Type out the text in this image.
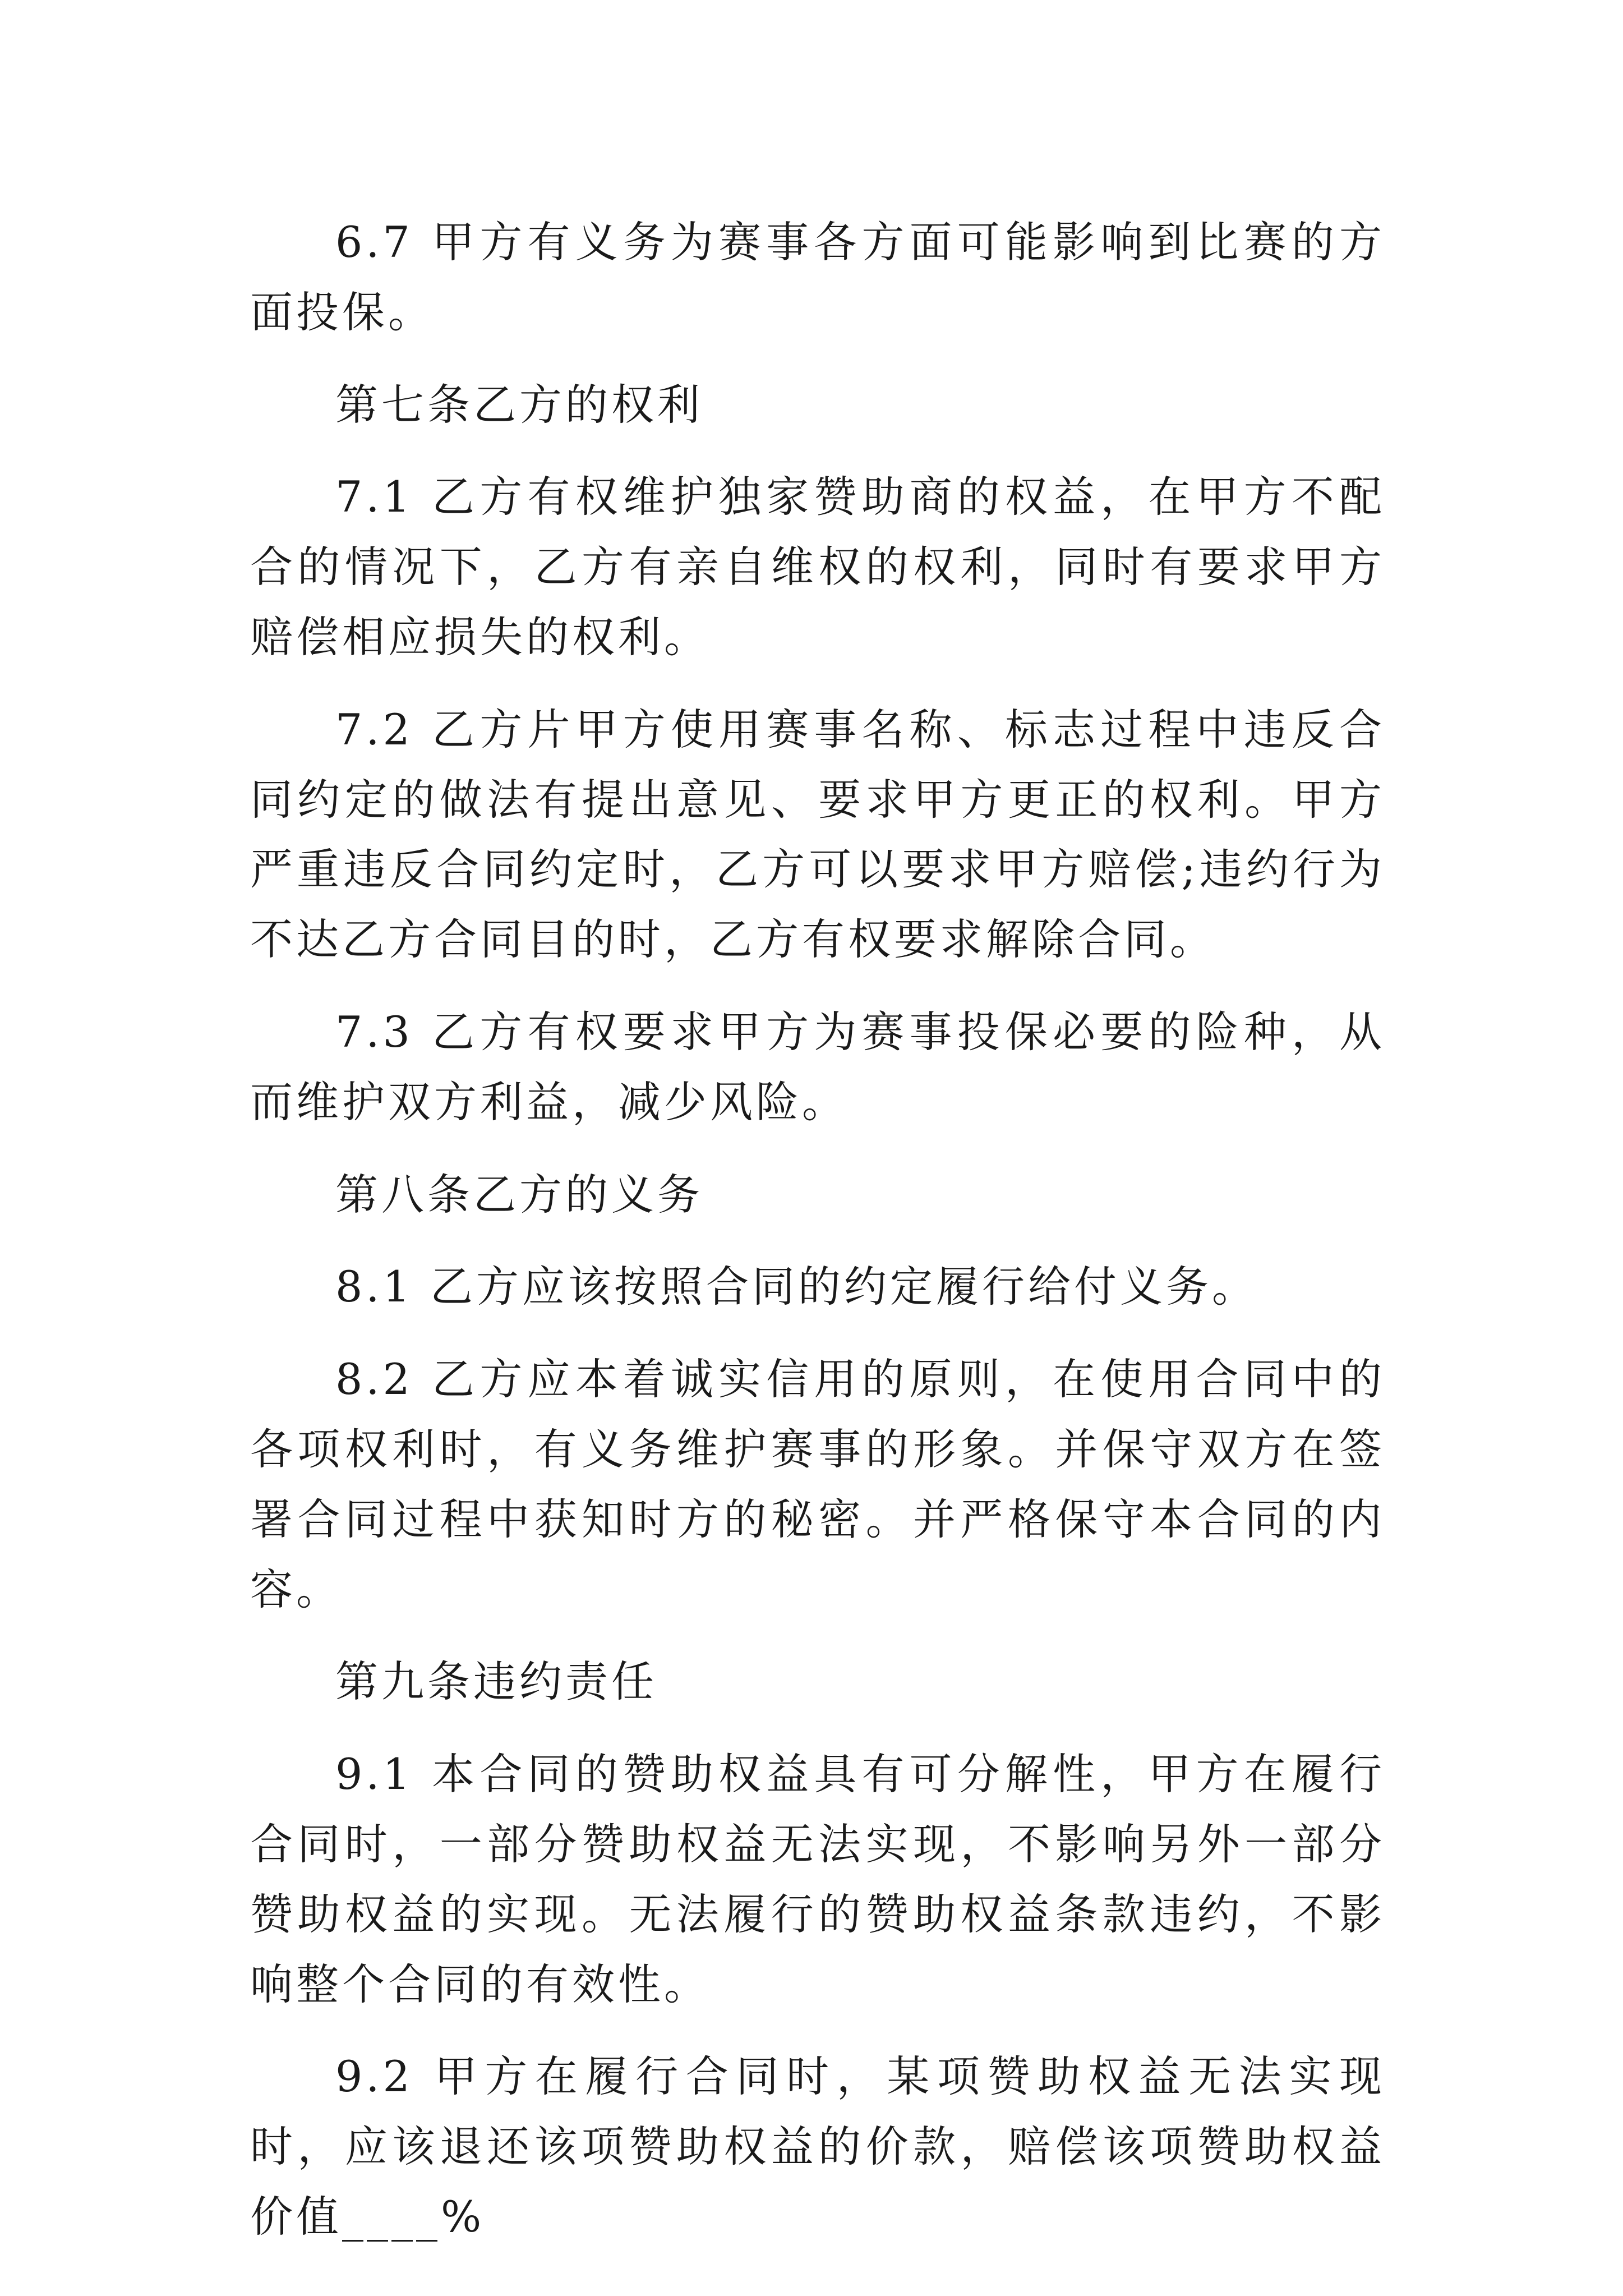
6.7 甲方有义务为赛事各方面可能影响到比赛的方面投保。

第七条乙方的权利

7.1 乙方有权维护独家赞助商的权益，在甲方不配合的情况下，乙方有亲自维权的权利，同时有要求甲方赔偿相应损失的权利。

7.2 乙方片甲方使用赛事名称、标志过程中违反合同约定的做法有提出意见、要求甲方更正的权利。甲方严重违反合同约定时，乙方可以要求甲方赔偿;违约行为不达乙方合同目的时，乙方有权要求解除合同。

7.3 乙方有权要求甲方为赛事投保必要的险种，从而维护双方利益，减少风险。

第八条乙方的义务

8.1 乙方应该按照合同的约定履行给付义务。

8.2 乙方应本着诚实信用的原则，在使用合同中的各项权利时，有义务维护赛事的形象。并保守双方在签署合同过程中获知时方的秘密。并严格保守本合同的内容。

第九条违约责任

9.1 本合同的赞助权益具有可分解性，甲方在履行合同时，一部分赞助权益无法实现，不影响另外一部分赞助权益的实现。无法履行的赞助权益条款违约，不影响整个合同的有效性。

9.2 甲方在履行合同时，某项赞助权益无法实现时，应该退还该项赞助权益的价款，赔偿该项赞助权益价值____%
